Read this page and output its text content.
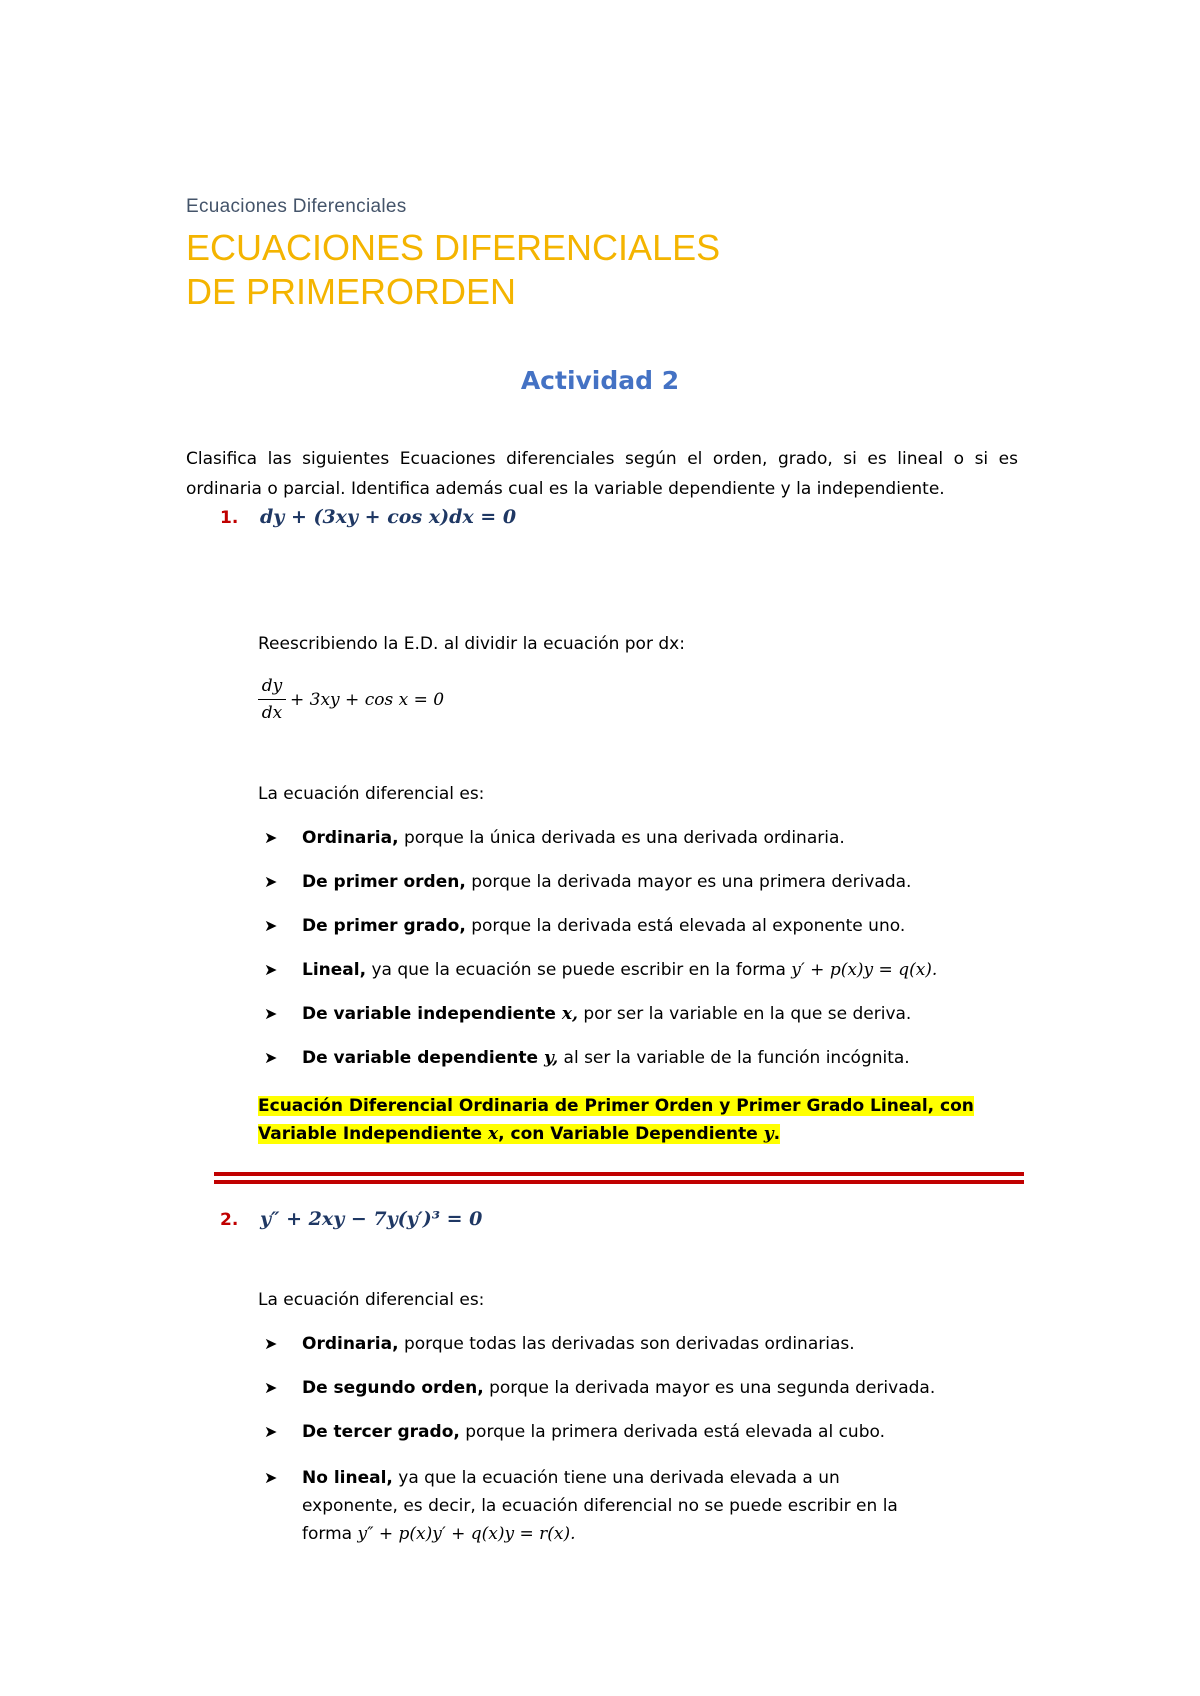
Ecuaciones Diferenciales
ECUACIONES DIFERENCIALES
DE PRIMERORDEN
Actividad 2
Clasifica las siguientes Ecuaciones diferenciales según el orden, grado, si es lineal o si es ordinaria o parcial. Identifica además cual es la variable dependiente y la independiente.
1.	dy + (3xy + cos x)dx = 0
Reescribiendo la E.D. al dividir la ecuación por dx:
$\frac{dy}{dx} + 3xy + \cos x = 0$
La ecuación diferencial es:
➤ Ordinaria, porque la única derivada es una derivada ordinaria.
➤ De primer orden, porque la derivada mayor es una primera derivada.
➤ De primer grado, porque la derivada está elevada al exponente uno.
➤ Lineal, ya que la ecuación se puede escribir en la forma y′ + p(x)y = q(x).
➤ De variable independiente x, por ser la variable en la que se deriva.
➤ De variable dependiente y, al ser la variable de la función incógnita.
Ecuación Diferencial Ordinaria de Primer Orden y Primer Grado Lineal, con
Variable Independiente x, con Variable Dependiente y.
2.	y″ + 2xy − 7y(y′)³ = 0
La ecuación diferencial es:
➤ Ordinaria, porque todas las derivadas son derivadas ordinarias.
➤ De segundo orden, porque la derivada mayor es una segunda derivada.
➤ De tercer grado, porque la primera derivada está elevada al cubo.
➤ No lineal, ya que la ecuación tiene una derivada elevada a un
exponente, es decir, la ecuación diferencial no se puede escribir en la
forma y″ + p(x)y′ + q(x)y = r(x).
